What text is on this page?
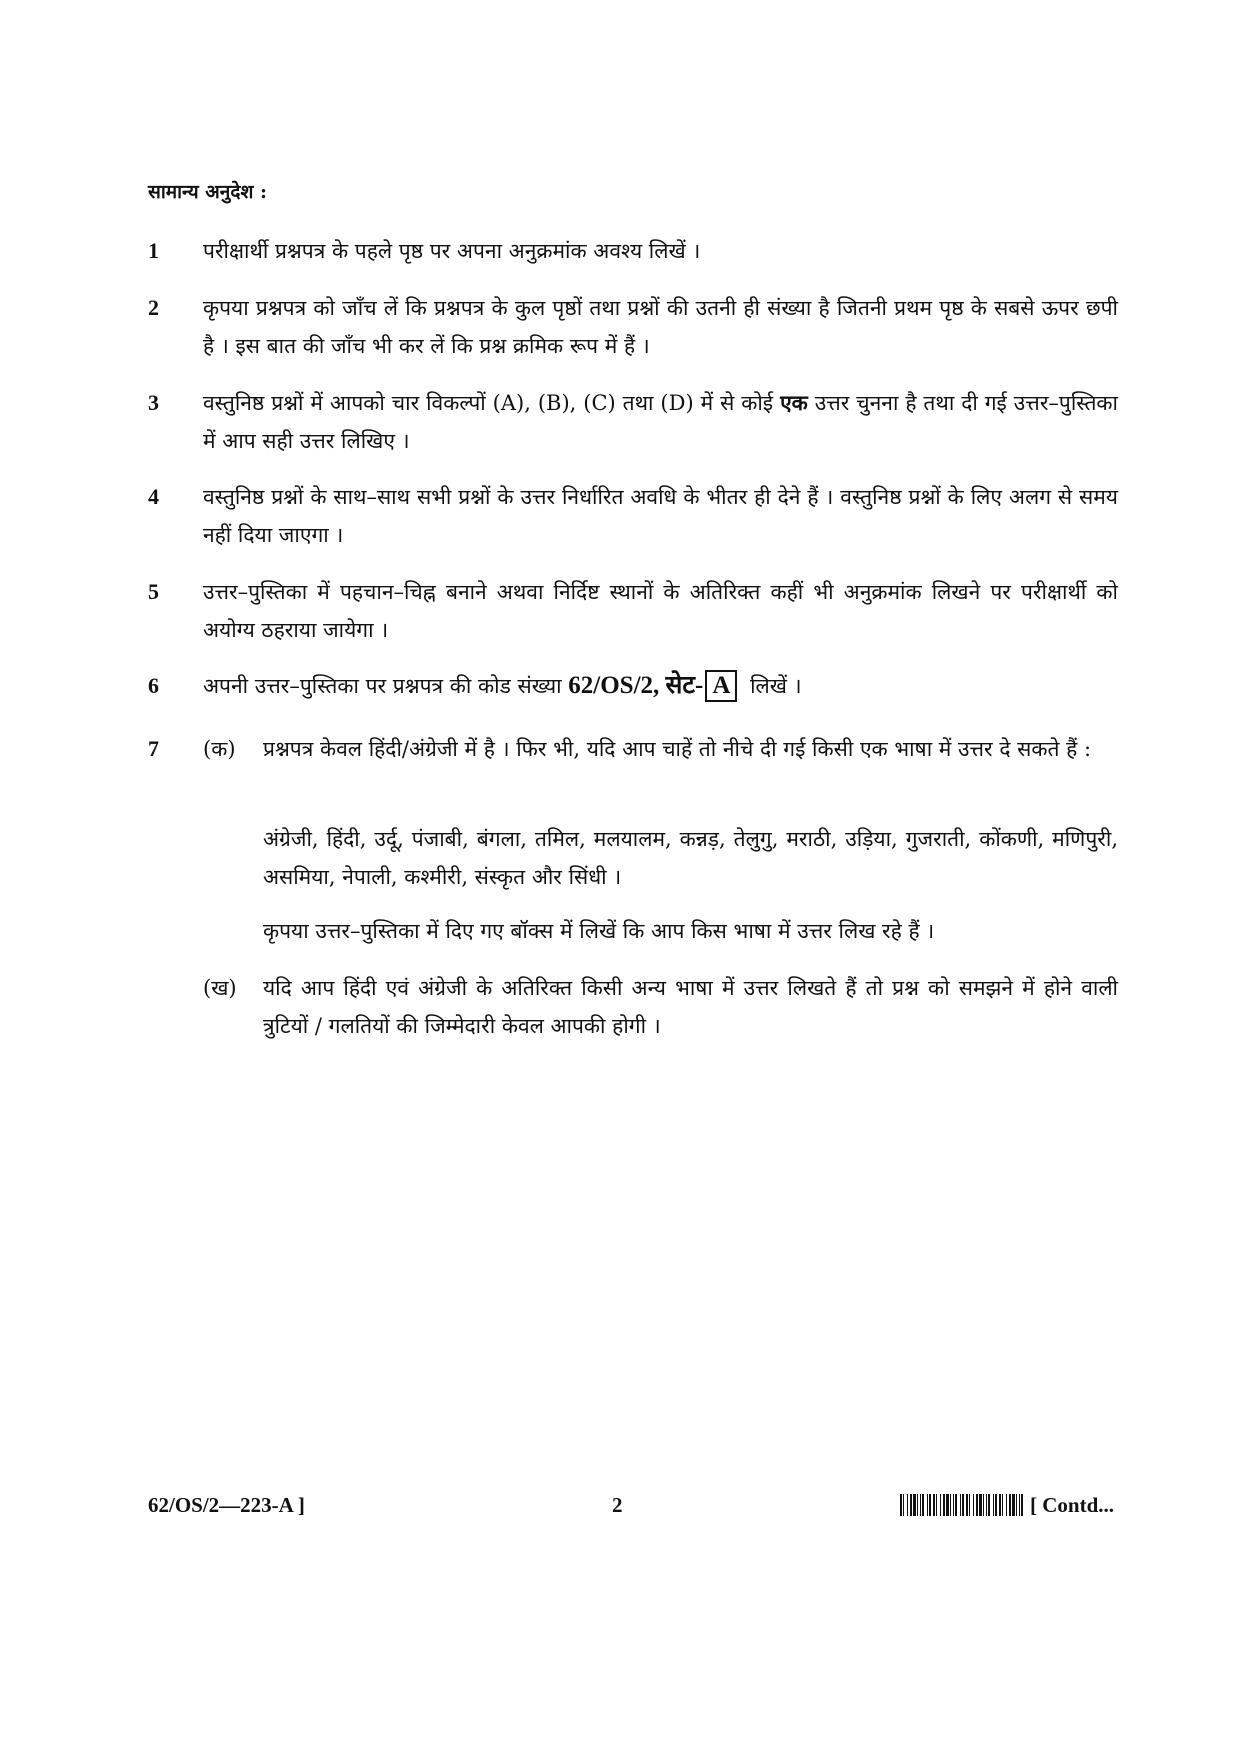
सामान्य अनुदेश :
1	परीक्षार्थी प्रश्नपत्र के पहले पृष्ठ पर अपना अनुक्रमांक अवश्य लिखें ।
2	कृपया प्रश्नपत्र को जाँच लें कि प्रश्नपत्र के कुल पृष्ठों तथा प्रश्नों की उतनी ही संख्या है जितनी प्रथम पृष्ठ के सबसे ऊपर छपी है । इस बात की जाँच भी कर लें कि प्रश्न क्रमिक रूप में हैं ।
3	वस्तुनिष्ठ प्रश्नों में आपको चार विकल्पों (A), (B), (C) तथा (D) में से कोई एक उत्तर चुनना है तथा दी गई उत्तर–पुस्तिका में आप सही उत्तर लिखिए ।
4	वस्तुनिष्ठ प्रश्नों के साथ–साथ सभी प्रश्नों के उत्तर निर्धारित अवधि के भीतर ही देने हैं । वस्तुनिष्ठ प्रश्नों के लिए अलग से समय नहीं दिया जाएगा ।
5	उत्तर–पुस्तिका में पहचान–चिह्न बनाने अथवा निर्दिष्ट स्थानों के अतिरिक्त कहीं भी अनुक्रमांक लिखने पर परीक्षार्थी को अयोग्य ठहराया जायेगा ।
6	अपनी उत्तर–पुस्तिका पर प्रश्नपत्र की कोड संख्या 62/OS/2, सेट- A लिखें ।
7	(क) प्रश्नपत्र केवल हिंदी/अंग्रेजी में है । फिर भी, यदि आप चाहें तो नीचे दी गई किसी एक भाषा में उत्तर दे सकते हैं :
अंग्रेजी, हिंदी, उर्दू, पंजाबी, बंगला, तमिल, मलयालम, कन्नड़, तेलुगु, मराठी, उड़िया, गुजराती, कोंकणी, मणिपुरी, असमिया, नेपाली, कश्मीरी, संस्कृत और सिंधी ।
कृपया उत्तर–पुस्तिका में दिए गए बॉक्स में लिखें कि आप किस भाषा में उत्तर लिख रहे हैं ।
(ख) यदि आप हिंदी एवं अंग्रेजी के अतिरिक्त किसी अन्य भाषा में उत्तर लिखते हैं तो प्रश्न को समझने में होने वाली त्रुटियों / गलतियों की जिम्मेदारी केवल आपकी होगी ।
62/OS/2—223-A ]	2	[ Contd...
